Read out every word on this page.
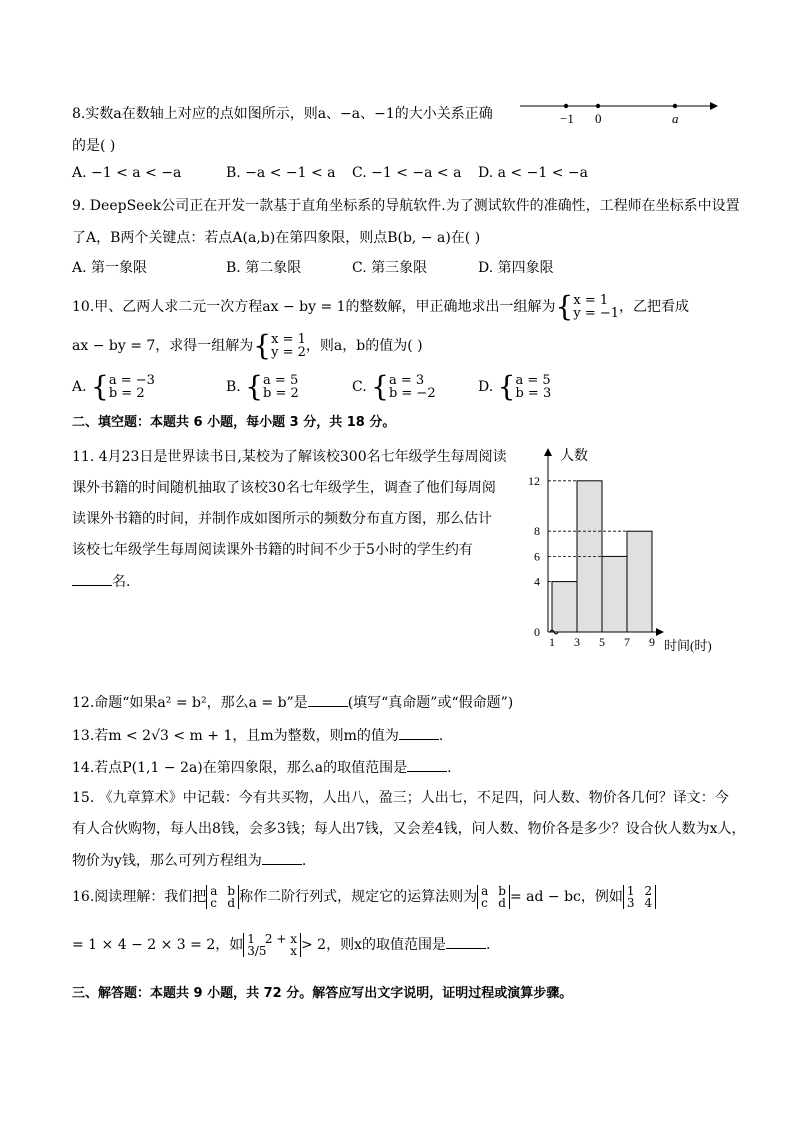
8.实数a在数轴上对应的点如图所示，则a、−a、−1的大小关系正确
的是( )
−1 0	a
A. −1 < a < −a	B. −a < −1 < a C. −1 < −a < a D. a < −1 < −a
9. DeepSeek公司正在开发一款基于直角坐标系的导航软件.为了测试软件的准确性，工程师在坐标系中设置
了A，B两个关键点：若点A(a,b)在第四象限，则点B(b, − a)在( )
A. 第一象限	B. 第二象限	C. 第三象限	D. 第四象限
10.甲、乙两人求二元一次方程ax − by = 1的整数解，甲正确地求出一组解为{ x = 1
y = −1 ，乙把看成
ax − by = 7，求得一组解为{ x = 1
y = 2 ，则a，b的值为( )
A. { a = −3
b = 2	B. { a = 5
b = 2	C. { a = 3
b = −2	D. { a = 5
b = 3
二、填空题：本题共 6 小题，每小题 3 分，共 18 分。
11. 4月23日是世界读书日,某校为了解该校300名七年级学生每周阅读
课外书籍的时间随机抽取了该校30名七年级学生，调查了他们每周阅
读课外书籍的时间，并制作成如图所示的频数分布直方图，那么估计
该校七年级学生每周阅读课外书籍的时间不少于5小时的学生约有
名.
0
4
6
8
12
1 3 5 7 9
人数
时间(时)
12.命题“如果a² = b²，那么a = b”是	(填写“真命题”或“假命题”)
13.若m < 2√3 < m + 1，且m为整数，则m的值为	.
14.若点P(1,1 − 2a)在第四象限，那么a的取值范围是	.
15. 《九章算术》中记载：今有共买物，人出八，盈三；人出七，不足四，问人数、物价各几何？译文：今
有人合伙购物，每人出8钱，会多3钱；每人出7钱，又会差4钱，问人数、物价各是多少？设合伙人数为x人，
物价为y钱，那么可列方程组为	.
16.阅读理解：我们把 a b
c d 称作二阶行列式，规定它的运算法则为 a b
c d = ad − bc，例如 1 2
3 4
= 1 × 4 − 2 × 3 = 2，如 1 2 + x
3/5 x > 2，则x的取值范围是	.
三、解答题：本题共 9 小题，共 72 分。解答应写出文字说明，证明过程或演算步骤。
